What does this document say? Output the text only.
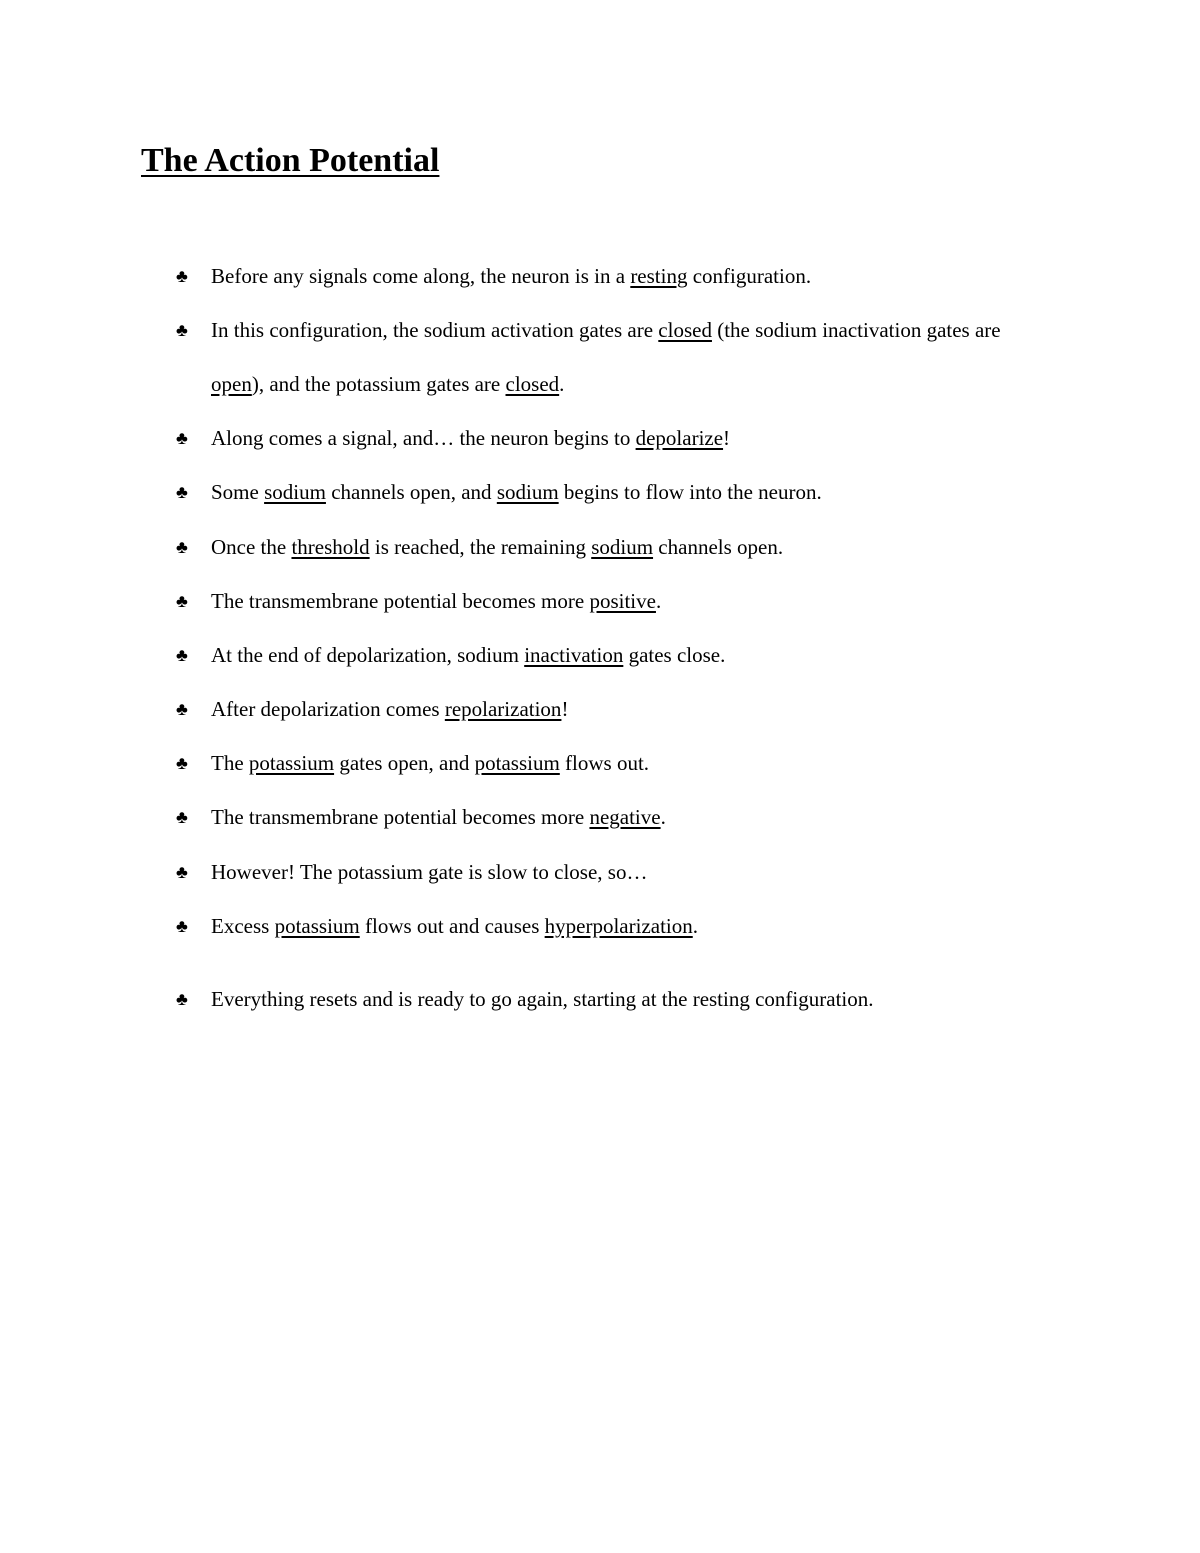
The Action Potential
♣	Before any signals come along, the neuron is in a resting configuration.
♣	In this configuration, the sodium activation gates are closed (the sodium inactivation gates are open), and the potassium gates are closed.
♣	Along comes a signal, and… the neuron begins to depolarize!
♣	Some sodium channels open, and sodium begins to flow into the neuron.
♣	Once the threshold is reached, the remaining sodium channels open.
♣	The transmembrane potential becomes more positive.
♣	At the end of depolarization, sodium inactivation gates close.
♣	After depolarization comes repolarization!
♣	The potassium gates open, and potassium flows out.
♣	The transmembrane potential becomes more negative.
♣	However! The potassium gate is slow to close, so…
♣	Excess potassium flows out and causes hyperpolarization.
♣	Everything resets and is ready to go again, starting at the resting configuration.
